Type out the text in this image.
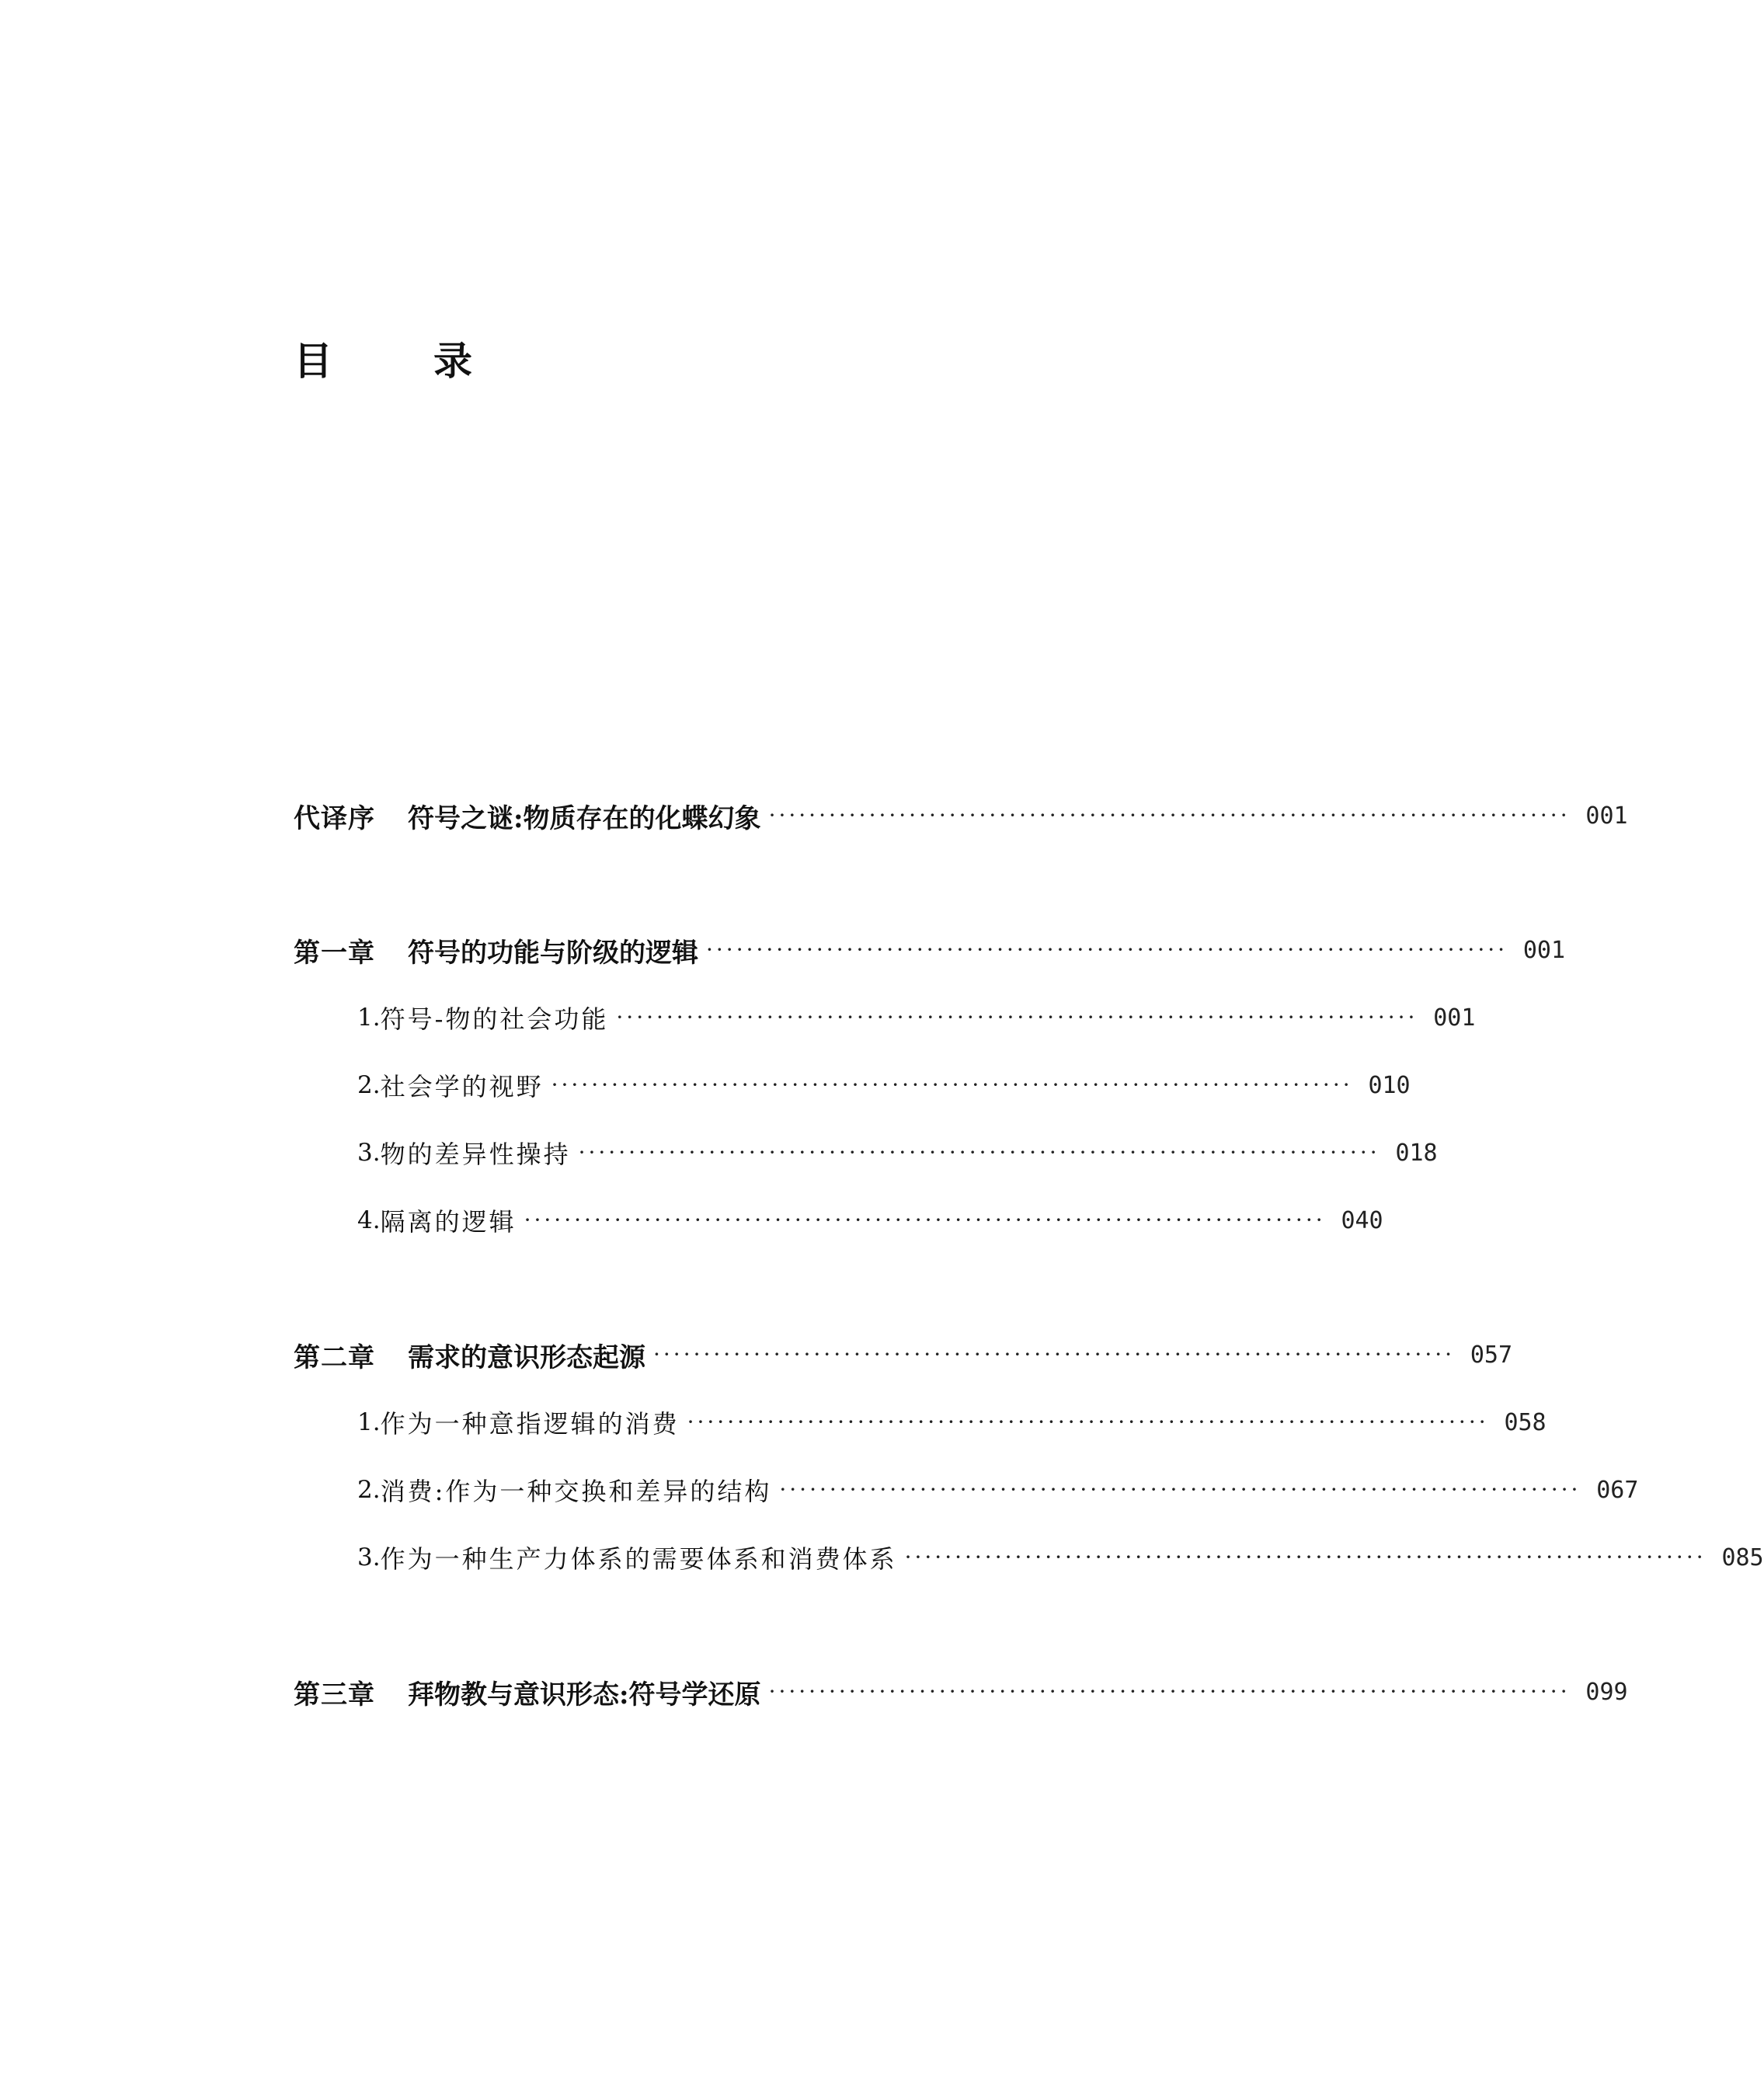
目　录
代译序 符号之谜:物质存在的化蝶幻象 ················································································ 001
第一章 符号的功能与阶级的逻辑 ················································································ 001
1. 符号-物的社会功能 ················································································ 001
2. 社会学的视野 ················································································ 010
3. 物的差异性操持 ················································································ 018
4. 隔离的逻辑 ················································································ 040
第二章 需求的意识形态起源 ················································································ 057
1. 作为一种意指逻辑的消费 ················································································ 058
2. 消费:作为一种交换和差异的结构 ················································································ 067
3. 作为一种生产力体系的需要体系和消费体系 ················································································ 085
第三章 拜物教与意识形态:符号学还原 ················································································ 099
